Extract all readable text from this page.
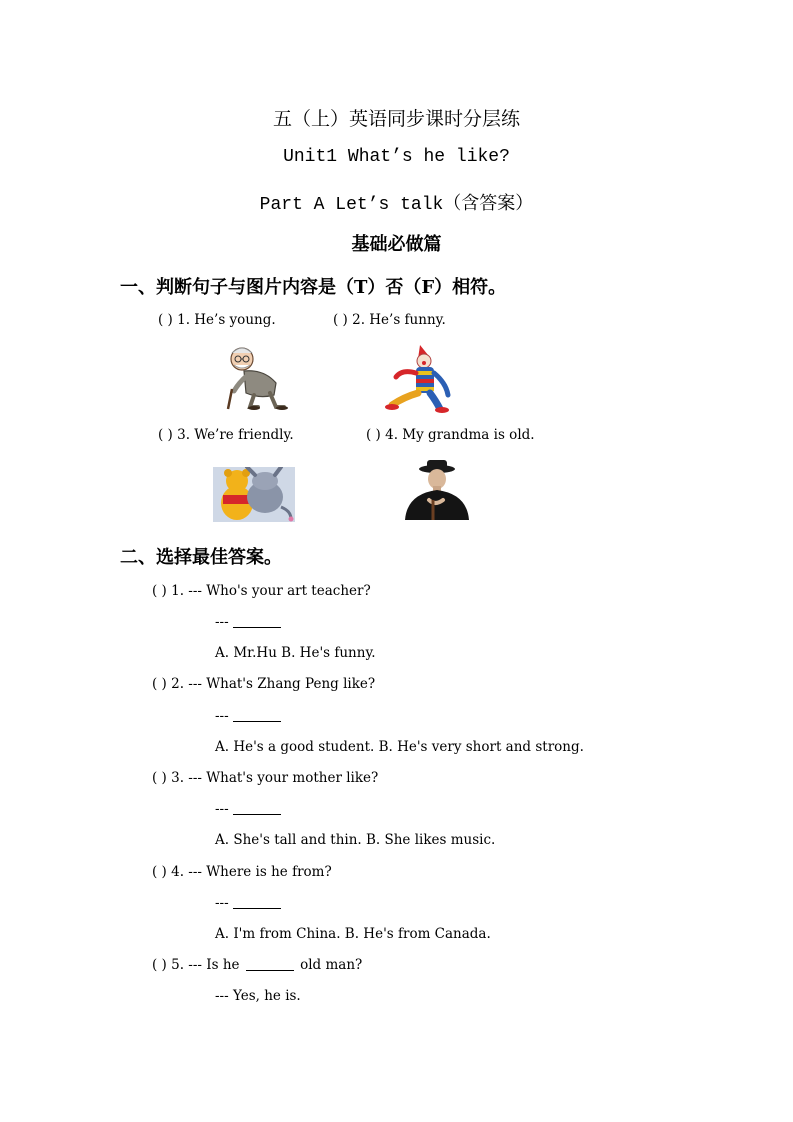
五（上）英语同步课时分层练
Unit1 What’s he like?
Part A Let’s talk（含答案）
基础必做篇
一、判断句子与图片内容是（T）否（F）相符。
( ) 1. He’s young.	( ) 2. He’s funny.
( ) 3. We’re friendly.	( ) 4. My grandma is old.
二、选择最佳答案。
( ) 1. --- Who's your art teacher?
---
A. Mr.Hu B. He's funny.
( ) 2. --- What's Zhang Peng like?
---
A. He's a good student. B. He's very short and strong.
( ) 3. --- What's your mother like?
---
A. She's tall and thin. B. She likes music.
( ) 4. --- Where is he from?
---
A. I'm from China. B. He's from Canada.
( ) 5. --- Is he	old man?
--- Yes, he is.
